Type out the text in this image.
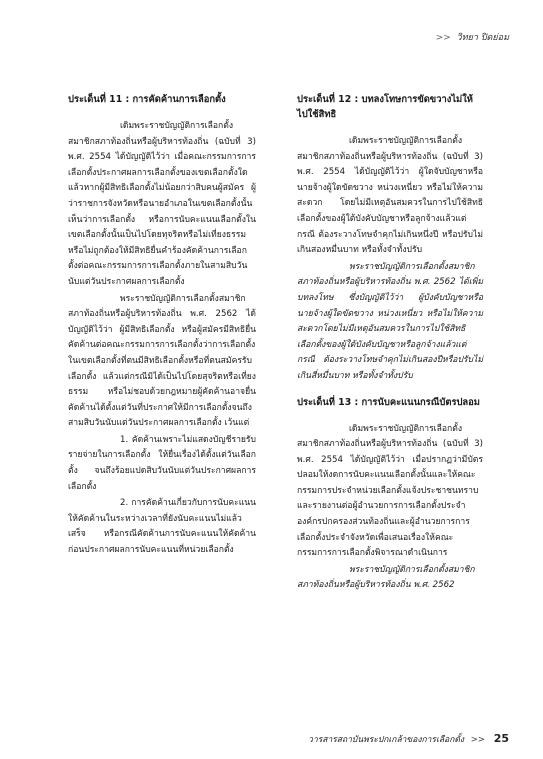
>> วิทยา ปิดย่อม
ประเด็นที่ 11 : การคัดค้านการเลือกตั้ง

เดิมพระราชบัญญัติการเลือกตั้งสมาชิกสภาท้องถิ่นหรือผู้บริหารท้องถิ่น (ฉบับที่ 3) พ.ศ. 2554 ได้บัญญัติไว้ว่า เมื่อคณะกรรมการการเลือกตั้งประกาศผลการเลือกตั้งของเขตเลือกตั้งใดแล้วหากผู้มีสิทธิเลือกตั้งไม่น้อยกว่าสิบคนผู้สมัคร ผู้ว่าราชการจังหวัดหรือนายอำเภอในเขตเลือกตั้งนั้นเห็นว่าการเลือกตั้ง หรือการนับคะแนนเลือกตั้งในเขตเลือกตั้งนั้นเป็นไปโดยทุจริตหรือไม่เที่ยงธรรมหรือไม่ถูกต้องให้มีสิทธิยื่นคำร้องคัดค้านการเลือกตั้งต่อคณะกรรมการการเลือกตั้งภายในสามสิบวันนับแต่วันประกาศผลการเลือกตั้ง

พระราชบัญญัติการเลือกตั้งสมาชิกสภาท้องถิ่นหรือผู้บริหารท้องถิ่น พ.ศ. 2562 ได้บัญญัติไว้ว่า ผู้มีสิทธิเลือกตั้ง หรือผู้สมัครมีสิทธิยื่นคัดค้านต่อคณะกรรมการการเลือกตั้งว่าการเลือกตั้งในเขตเลือกตั้งที่ตนมีสิทธิเลือกตั้งหรือที่ตนสมัครรับเลือกตั้ง แล้วแต่กรณีมิได้เป็นไปโดยสุจริตหรือเที่ยงธรรม หรือไม่ชอบด้วยกฎหมายผู้คัดค้านอาจยื่นคัดค้านได้ตั้งแต่วันที่ประกาศให้มีการเลือกตั้งจนถึงสามสิบวันนับแต่วันประกาศผลการเลือกตั้ง เว้นแต่

1. คัดค้านเพราะไม่แสดงบัญชีรายรับรายจ่ายในการเลือกตั้ง ให้ยื่นเรื่องได้ตั้งแต่วันเลือกตั้ง จนถึงร้อยแปดสิบวันนับแต่วันประกาศผลการเลือกตั้ง

2. การคัดค้านเกี่ยวกับการนับคะแนนให้คัดค้านในระหว่างเวลาที่ยังนับคะแนนไม่แล้วเสร็จ หรือกรณีคัดค้านการนับคะแนนให้คัดค้านก่อนประกาศผลการนับคะแนนที่หน่วยเลือกตั้ง

ประเด็นที่ 12 : บทลงโทษการขัดขวางไม่ให้ไปใช้สิทธิ

เดิมพระราชบัญญัติการเลือกตั้งสมาชิกสภาท้องถิ่นหรือผู้บริหารท้องถิ่น (ฉบับที่ 3) พ.ศ. 2554 ได้บัญญัติไว้ว่า ผู้ใดจับบัญชาหรือนายจ้างผู้ใดขัดขวาง หน่วงเหนี่ยว หรือไม่ให้ความสะดวก โดยไม่มีเหตุอันสมควรในการไปใช้สิทธิเลือกตั้งของผู้ใต้บังคับบัญชาหรือลูกจ้างแล้วแต่กรณี ต้องระวางโทษจำคุกไม่เกินหนึ่งปี หรือปรับไม่เกินสองหมื่นบาท หรือทั้งจำทั้งปรับ

พระราชบัญญัติการเลือกตั้งสมาชิกสภาท้องถิ่นหรือผู้บริหารท้องถิ่น พ.ศ. 2562 ได้เพิ่มบทลงโทษ ซึ่งบัญญัติไว้ว่า ผู้บังคับบัญชาหรือนายจ้างผู้ใดขัดขวาง หน่วงเหนี่ยว หรือไม่ให้ความสะดวกโดยไม่มีเหตุอันสมควรในการไปใช้สิทธิเลือกตั้งของผู้ใต้บังคับบัญชาหรือลูกจ้างแล้วแต่กรณี ต้องระวางโทษจำคุกไม่เกินสองปีหรือปรับไม่เกินสี่หมื่นบาท หรือทั้งจำทั้งปรับ

ประเด็นที่ 13 : การนับคะแนนกรณีบัตรปลอม

เดิมพระราชบัญญัติการเลือกตั้งสมาชิกสภาท้องถิ่นหรือผู้บริหารท้องถิ่น (ฉบับที่ 3) พ.ศ. 2554 ได้บัญญัติไว้ว่า เมื่อปรากฏว่ามีบัตรปลอมให้งดการนับคะแนนเลือกตั้งนั้นและให้คณะกรรมการประจำหน่วยเลือกตั้งแจ้งประชาชนทราบ และรายงานต่อผู้อำนวยการการเลือกตั้งประจำองค์กรปกครองส่วนท้องถิ่นและผู้อำนวยการการเลือกตั้งประจำจังหวัดเพื่อเสนอเรื่องให้คณะกรรมการการเลือกตั้งพิจารณาดำเนินการ

พระราชบัญญัติการเลือกตั้งสมาชิกสภาท้องถิ่นหรือผู้บริหารท้องถิ่น พ.ศ. 2562

วารสารสถาบันพระปกเกล้าของการเลือกตั้ง >> 25
